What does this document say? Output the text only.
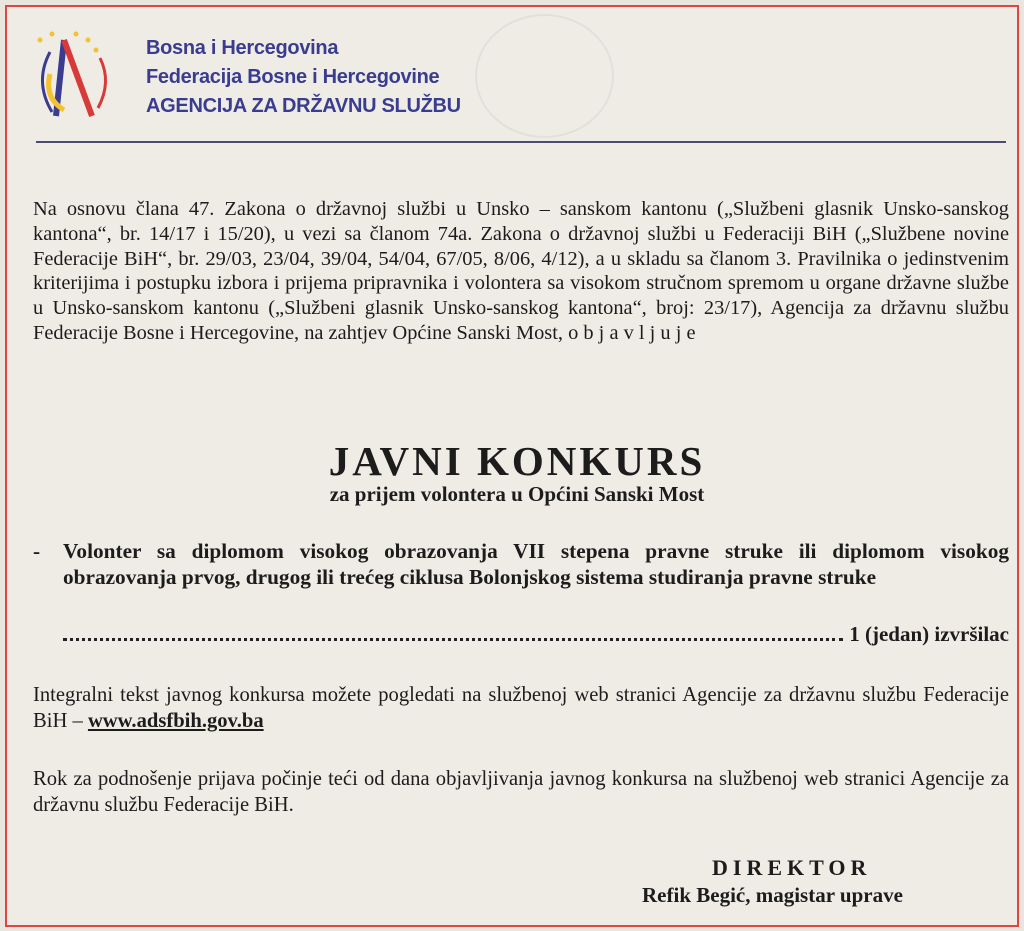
Bosna i Hercegovina
Federacija Bosne i Hercegovine
AGENCIJA ZA DRŽAVNU SLUŽBU
Na osnovu člana 47. Zakona o državnoj službi u Unsko – sanskom kantonu („Službeni glasnik Unsko-sanskog kantona“, br. 14/17 i 15/20), u vezi sa članom 74a. Zakona o državnoj službi u Federaciji BiH („Službene novine Federacije BiH“, br. 29/03, 23/04, 39/04, 54/04, 67/05, 8/06, 4/12), a u skladu sa članom 3. Pravilnika o jedinstvenim kriterijima i postupku izbora i prijema pripravnika i volontera sa visokom stručnom spremom u organe državne službe u Unsko-sanskom kantonu („Službeni glasnik Unsko-sanskog kantona“, broj: 23/17), Agencija za državnu službu Federacije Bosne i Hercegovine, na zahtjev Općine Sanski Most, o b j a v l j u j e
JAVNI KONKURS
za prijem volontera u Općini Sanski Most
- Volonter sa diplomom visokog obrazovanja VII stepena pravne struke ili diplomom visokog obrazovanja prvog, drugog ili trećeg ciklusa Bolonjskog sistema studiranja pravne struke
1 (jedan) izvršilac
Integralni tekst javnog konkursa možete pogledati na službenoj web stranici Agencije za državnu službu Federacije BiH – www.adsfbih.gov.ba
Rok za podnošenje prijava počinje teći od dana objavljivanja javnog konkursa na službenoj web stranici Agencije za državnu službu Federacije BiH.
DIREKTOR
Refik Begić, magistar uprave
